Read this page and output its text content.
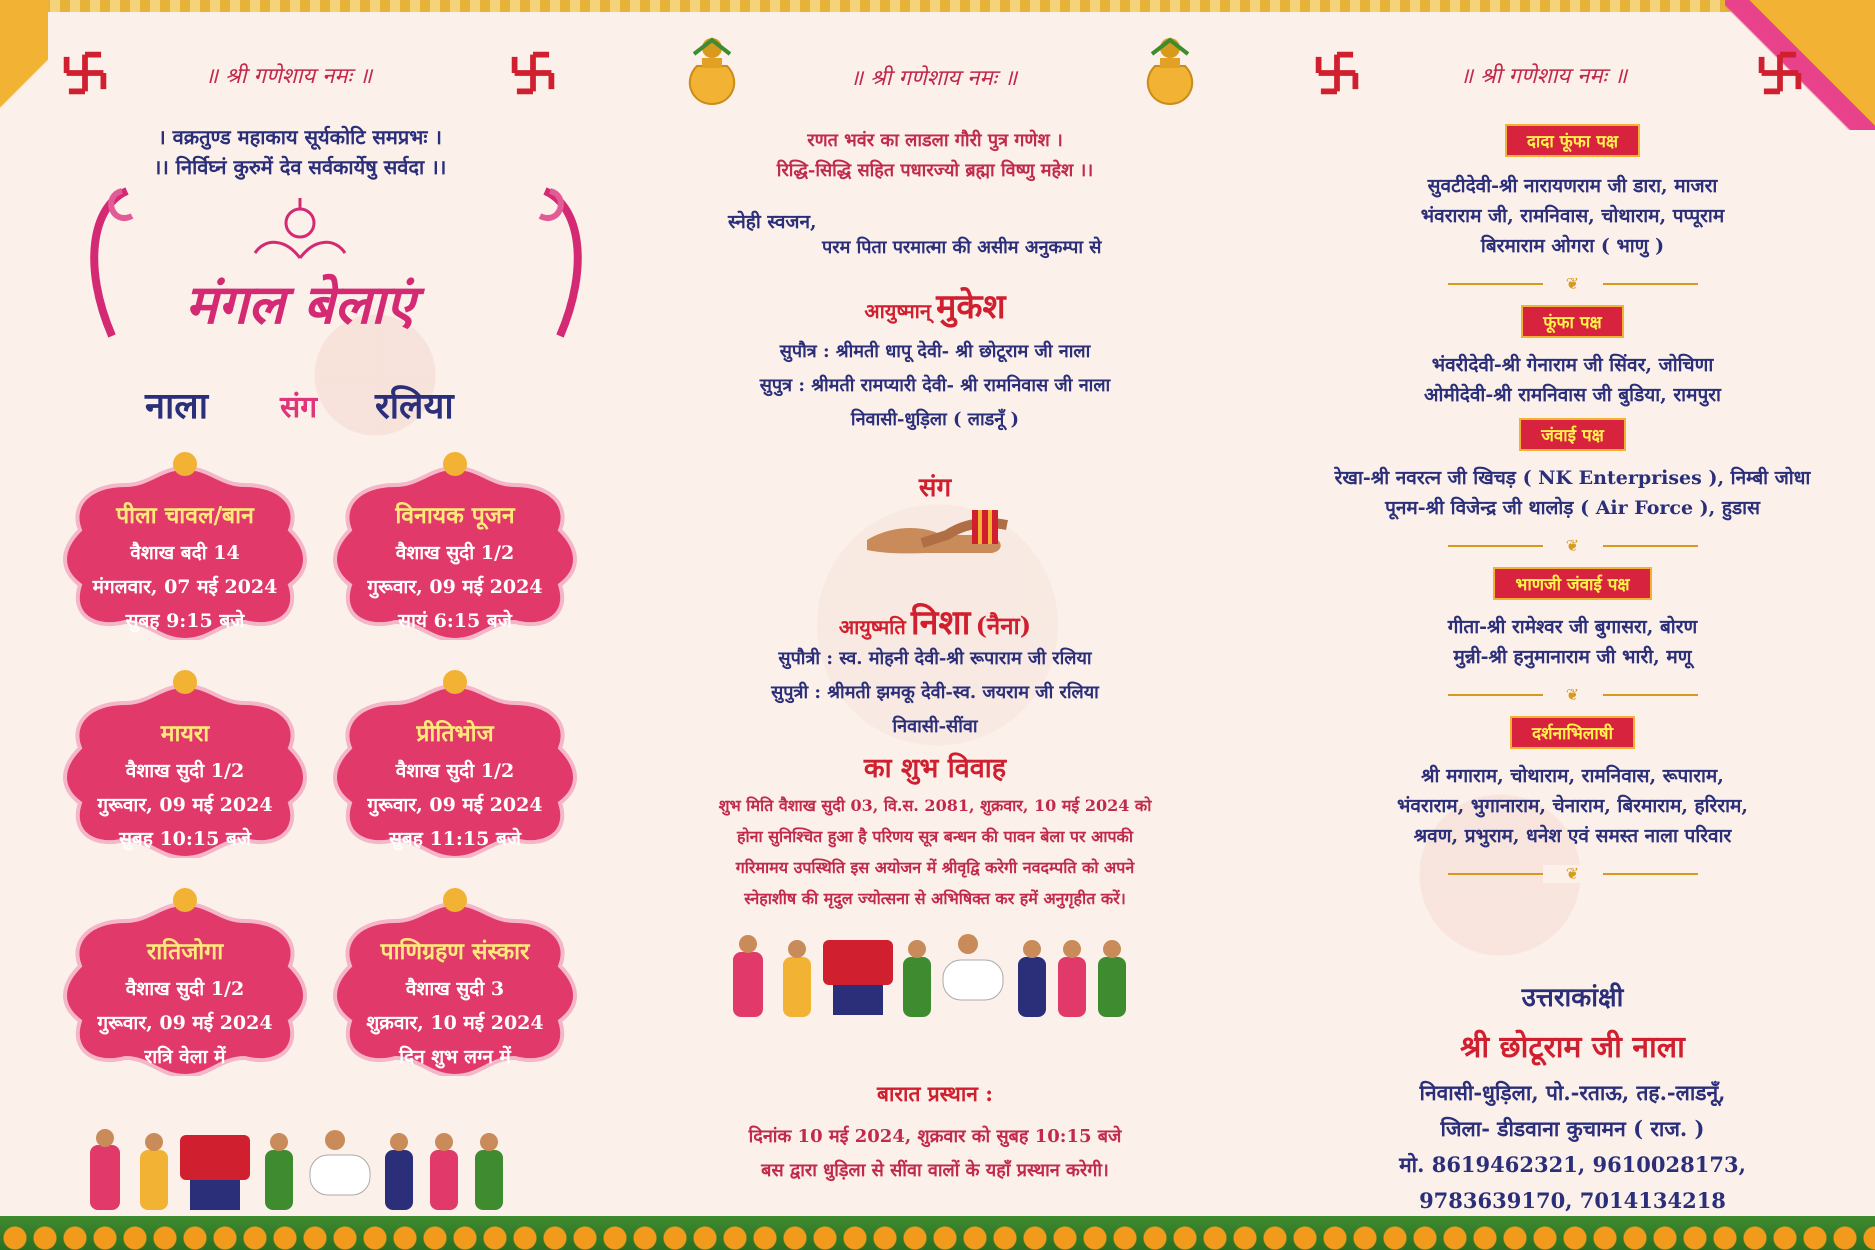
॥ श्री गणेशाय नमः ॥
। वक्रतुण्ड महाकाय सूर्यकोटि समप्रभः ।
।। निर्विघ्नं कुरुमें देव सर्वकार्येषु सर्वदा ।।
मंगल बेलाएं
नाला संग रलिया
पीला चावल/बान
वैशाख बदी 14
मंगलवार, 07 मई 2024
सुबह 9:15 बजे
विनायक पूजन
वैशाख सुदी 1/2
गुरूवार, 09 मई 2024
सायं 6:15 बजे
मायरा
वैशाख सुदी 1/2
गुरूवार, 09 मई 2024
सुबह 10:15 बजे
प्रीतिभोज
वैशाख सुदी 1/2
गुरूवार, 09 मई 2024
सुबह 11:15 बजे
रातिजोगा
वैशाख सुदी 1/2
गुरूवार, 09 मई 2024
रात्रि वेला में
पाणिग्रहण संस्कार
वैशाख सुदी 3
शुक्रवार, 10 मई 2024
दिन शुभ लग्न में
॥ श्री गणेशाय नमः ॥
रणत भवंर का लाडला गौरी पुत्र गणेश ।
रिद्धि-सिद्धि सहित पधारज्यो ब्रह्मा विष्णु महेश ।।
स्नेही स्वजन,
परम पिता परमात्मा की असीम अनुकम्पा से
आयुष्मान् मुकेश
सुपौत्र : श्रीमती धापू देवी- श्री छोटूराम जी नाला
सुपुत्र : श्रीमती रामप्यारी देवी- श्री रामनिवास जी नाला
निवासी-धुड़िला ( लाडनूँ )
संग
आयुष्मति निशा (नैना)
सुपौत्री : स्व. मोहनी देवी-श्री रूपाराम जी रलिया
सुपुत्री : श्रीमती झमकू देवी-स्व. जयराम जी रलिया
निवासी-सींवा
का शुभ विवाह
शुभ मिति वैशाख सुदी 03, वि.स. 2081, शुक्रवार, 10 मई 2024 को
होना सुनिश्चित हुआ है परिणय सूत्र बन्धन की पावन बेला पर आपकी
गरिमामय उपस्थिति इस अयोजन में श्रीवृद्वि करेगी नवदम्पति को अपने
स्नेहाशीष की मृदुल ज्योत्सना से अभिषिक्त कर हमें अनुगृहीत करें।
बारात प्रस्थान :
दिनांक 10 मई 2024, शुक्रवार को सुबह 10:15 बजे
बस द्वारा धुड़िला से सींवा वालों के यहाँ प्रस्थान करेगी।
॥ श्री गणेशाय नमः ॥
दादा फूंफा पक्ष
सुवटीदेवी-श्री नारायणराम जी डारा, माजरा
भंवराराम जी, रामनिवास, चोथाराम, पप्पूराम
बिरमाराम ओगरा ( भाणु )
❦
फूंफा पक्ष
भंवरीदेवी-श्री गेनाराम जी सिंवर, जोचिणा
ओमीदेवी-श्री रामनिवास जी बुडिया, रामपुरा
जंवाई पक्ष
रेखा-श्री नवरत्न जी खिचड़ ( NK Enterprises ), निम्बी जोधा
पूनम-श्री विजेन्द्र जी थालोड़ ( Air Force ), हुडास
❦
भाणजी जंवाई पक्ष
गीता-श्री रामेश्वर जी बुगासरा, बोरण
मुन्नी-श्री हनुमानाराम जी भारी, मणू
❦
दर्शनाभिलाषी
श्री मगाराम, चोथाराम, रामनिवास, रूपाराम,
भंवराराम, भुगानाराम, चेनाराम, बिरमाराम, हरिराम,
श्रवण, प्रभुराम, धनेश एवं समस्त नाला परिवार
❦
उत्तराकांक्षी
श्री छोटूराम जी नाला
निवासी-धुड़िला, पो.-रताऊ, तह.-लाडनूँ,
जिला- डीडवाना कुचामन ( राज. )
मो. 8619462321, 9610028173,
9783639170, 7014134218
